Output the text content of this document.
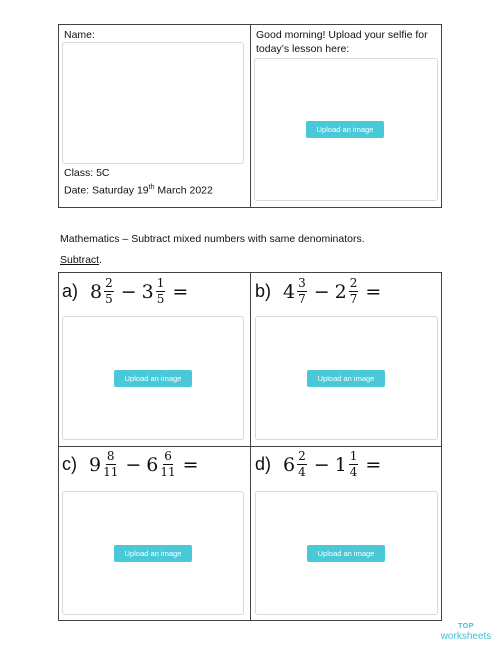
Name:
Class: 5C
Date: Saturday 19th March 2022
Good morning! Upload your selfie for
today’s lesson here:
Upload an image
Mathematics – Subtract mixed numbers with same denominators.
Subtract.
a) $8 \frac{2}{5} - 3 \frac{1}{5}$ =
Upload an image
b) $4 \frac{3}{7} - 2 \frac{2}{7}$ =
Upload an image
c) $9 \frac{8}{11} - 6 \frac{6}{11}$ =
Upload an image
d) $6 \frac{2}{4} - 1 \frac{1}{4}$ =
Upload an image
TOP
worksheets
